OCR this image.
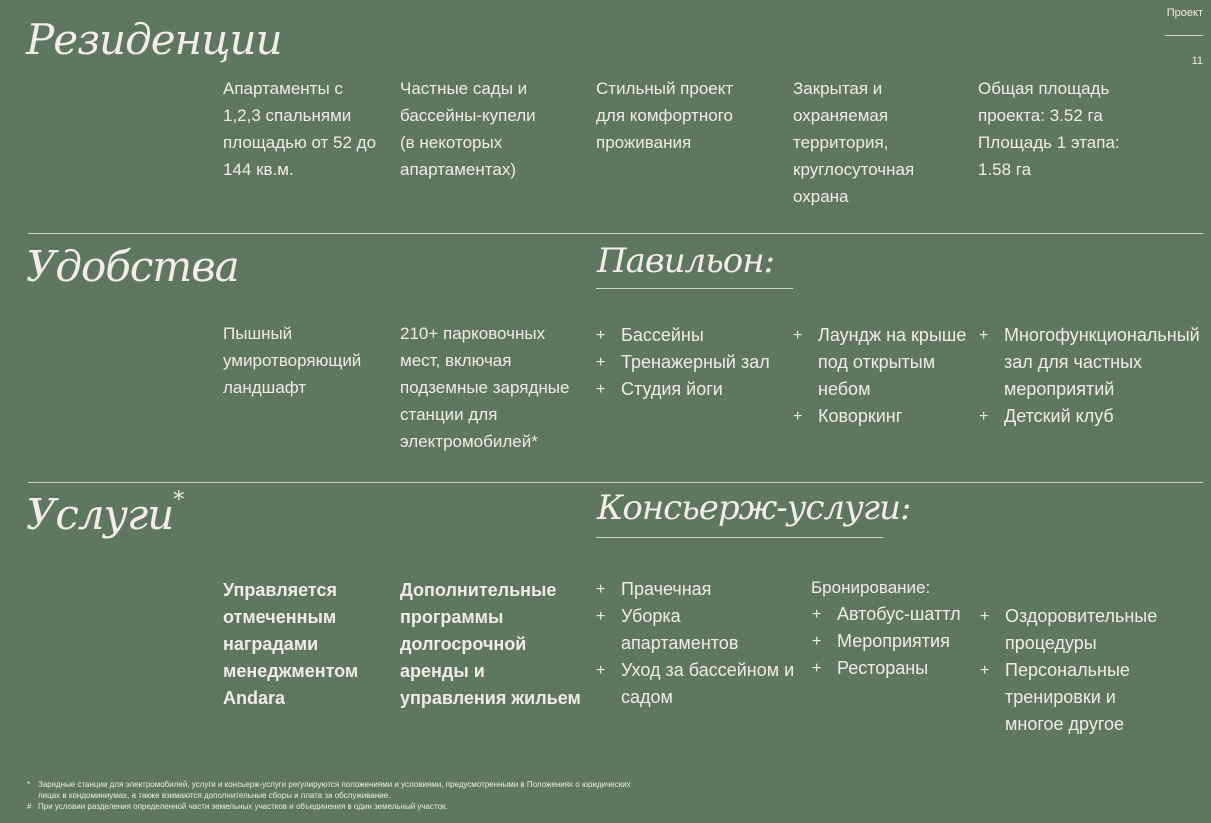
Проект
11
Резиденции
Апартаменты с
1,2,3 спальнями
площадью от 52 до
144 кв.м.
Частные сады и
бассейны-купели
(в некоторых
апартаментах)
Стильный проект
для комфортного
проживания
Закрытая и
охраняемая
территория,
круглосуточная
охрана
Общая площадь
проекта: 3.52 га
Площадь 1 этапа:
1.58 га
Удобства	Павильон:
Пышный
умиротворяющий
ландшафт
210+ парковочных
мест, включая
подземные зарядные
станции для
электромобилей*
+ Бассейны
+ Тренажерный зал
+ Студия йоги
+ Лаундж на крыше
под открытым
небом
+ Коворкинг
+ Многофункциональный
зал для частных
мероприятий
+ Детский клуб
Услуги*	Консьерж-услуги:
Управляется
отмеченным
наградами
менеджментом
Andara
Дополнительные
программы
долгосрочной
аренды и
управления жильем
+ Прачечная
+ Уборка
апартаментов
+ Уход за бассейном и
садом
Бронирование:
+ Автобус-шаттл
+ Мероприятия
+ Рестораны
+ Оздоровительные
процедуры
+ Персональные
тренировки и
многое другое
* Зарядные станции для электромобилей, услуги и консьерж-услуги регулируются положениями и условиями, предусмотренными в Положениях о юридических
лицах в кондоминиумах, а также взимаются дополнительные сборы и плата за обслуживание.
# При условии разделения определенной части земельных участков и объединения в один земельный участок.
